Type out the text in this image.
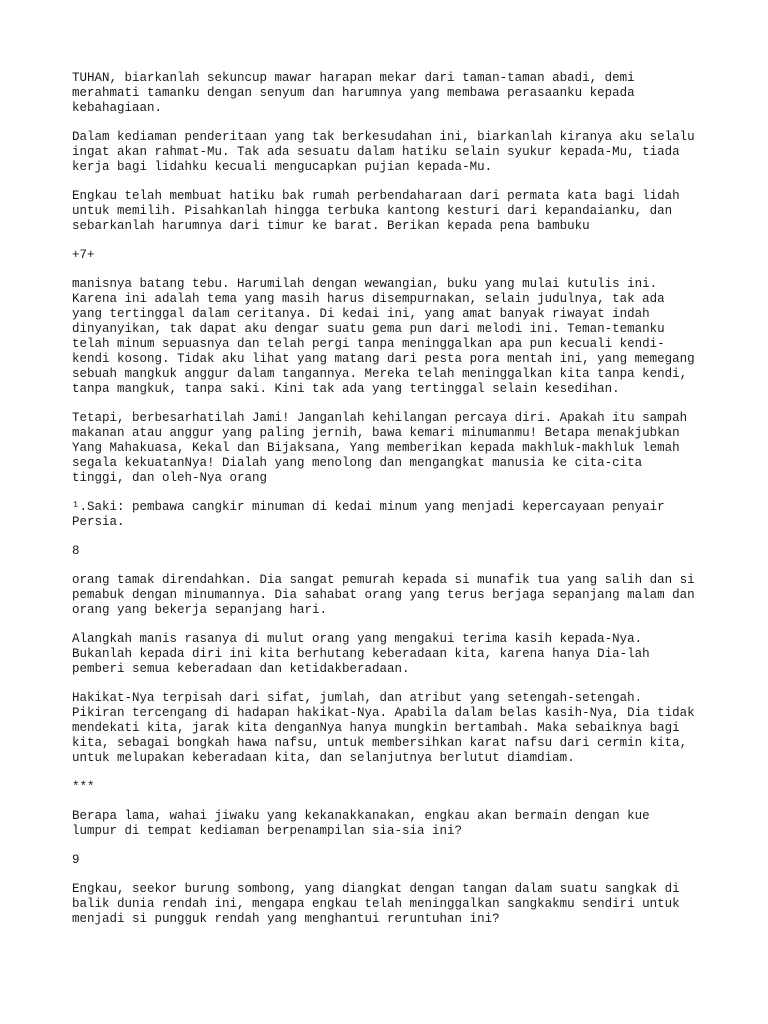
TUHAN, biarkanlah sekuncup mawar harapan mekar dari taman-taman abadi, demi
merahmati tamanku dengan senyum dan harumnya yang membawa perasaanku kepada
kebahagiaan.

Dalam kediaman penderitaan yang tak berkesudahan ini, biarkanlah kiranya aku selalu
ingat akan rahmat-Mu. Tak ada sesuatu dalam hatiku selain syukur kepada-Mu, tiada
kerja bagi lidahku kecuali mengucapkan pujian kepada-Mu.

Engkau telah membuat hatiku bak rumah perbendaharaan dari permata kata bagi lidah
untuk memilih. Pisahkanlah hingga terbuka kantong kesturi dari kepandaianku, dan
sebarkanlah harumnya dari timur ke barat. Berikan kepada pena bambuku

+7+

manisnya batang tebu. Harumilah dengan wewangian, buku yang mulai kutulis ini.
Karena ini adalah tema yang masih harus disempurnakan, selain judulnya, tak ada
yang tertinggal dalam ceritanya. Di kedai ini, yang amat banyak riwayat indah
dinyanyikan, tak dapat aku dengar suatu gema pun dari melodi ini. Teman-temanku
telah minum sepuasnya dan telah pergi tanpa meninggalkan apa pun kecuali kendi-
kendi kosong. Tidak aku lihat yang matang dari pesta pora mentah ini, yang memegang
sebuah mangkuk anggur dalam tangannya. Mereka telah meninggalkan kita tanpa kendi,
tanpa mangkuk, tanpa saki. Kini tak ada yang tertinggal selain kesedihan.

Tetapi, berbesarhatilah Jami! Janganlah kehilangan percaya diri. Apakah itu sampah
makanan atau anggur yang paling jernih, bawa kemari minumanmu! Betapa menakjubkan
Yang Mahakuasa, Kekal dan Bijaksana, Yang memberikan kepada makhluk-makhluk lemah
segala kekuatanNya! Dialah yang menolong dan mengangkat manusia ke cita-cita
tinggi, dan oleh-Nya orang

¹.Saki: pembawa cangkir minuman di kedai minum yang menjadi kepercayaan penyair
Persia.

8

orang tamak direndahkan. Dia sangat pemurah kepada si munafik tua yang salih dan si
pemabuk dengan minumannya. Dia sahabat orang yang terus berjaga sepanjang malam dan
orang yang bekerja sepanjang hari.

Alangkah manis rasanya di mulut orang yang mengakui terima kasih kepada-Nya.
Bukanlah kepada diri ini kita berhutang keberadaan kita, karena hanya Dia-lah
pemberi semua keberadaan dan ketidakberadaan.

Hakikat-Nya terpisah dari sifat, jumlah, dan atribut yang setengah-setengah.
Pikiran tercengang di hadapan hakikat-Nya. Apabila dalam belas kasih-Nya, Dia tidak
mendekati kita, jarak kita denganNya hanya mungkin bertambah. Maka sebaiknya bagi
kita, sebagai bongkah hawa nafsu, untuk membersihkan karat nafsu dari cermin kita,
untuk melupakan keberadaan kita, dan selanjutnya berlutut diamdiam.

***

Berapa lama, wahai jiwaku yang kekanakkanakan, engkau akan bermain dengan kue
lumpur di tempat kediaman berpenampilan sia-sia ini?

9

Engkau, seekor burung sombong, yang diangkat dengan tangan dalam suatu sangkak di
balik dunia rendah ini, mengapa engkau telah meninggalkan sangkakmu sendiri untuk
menjadi si pungguk rendah yang menghantui reruntuhan ini?
